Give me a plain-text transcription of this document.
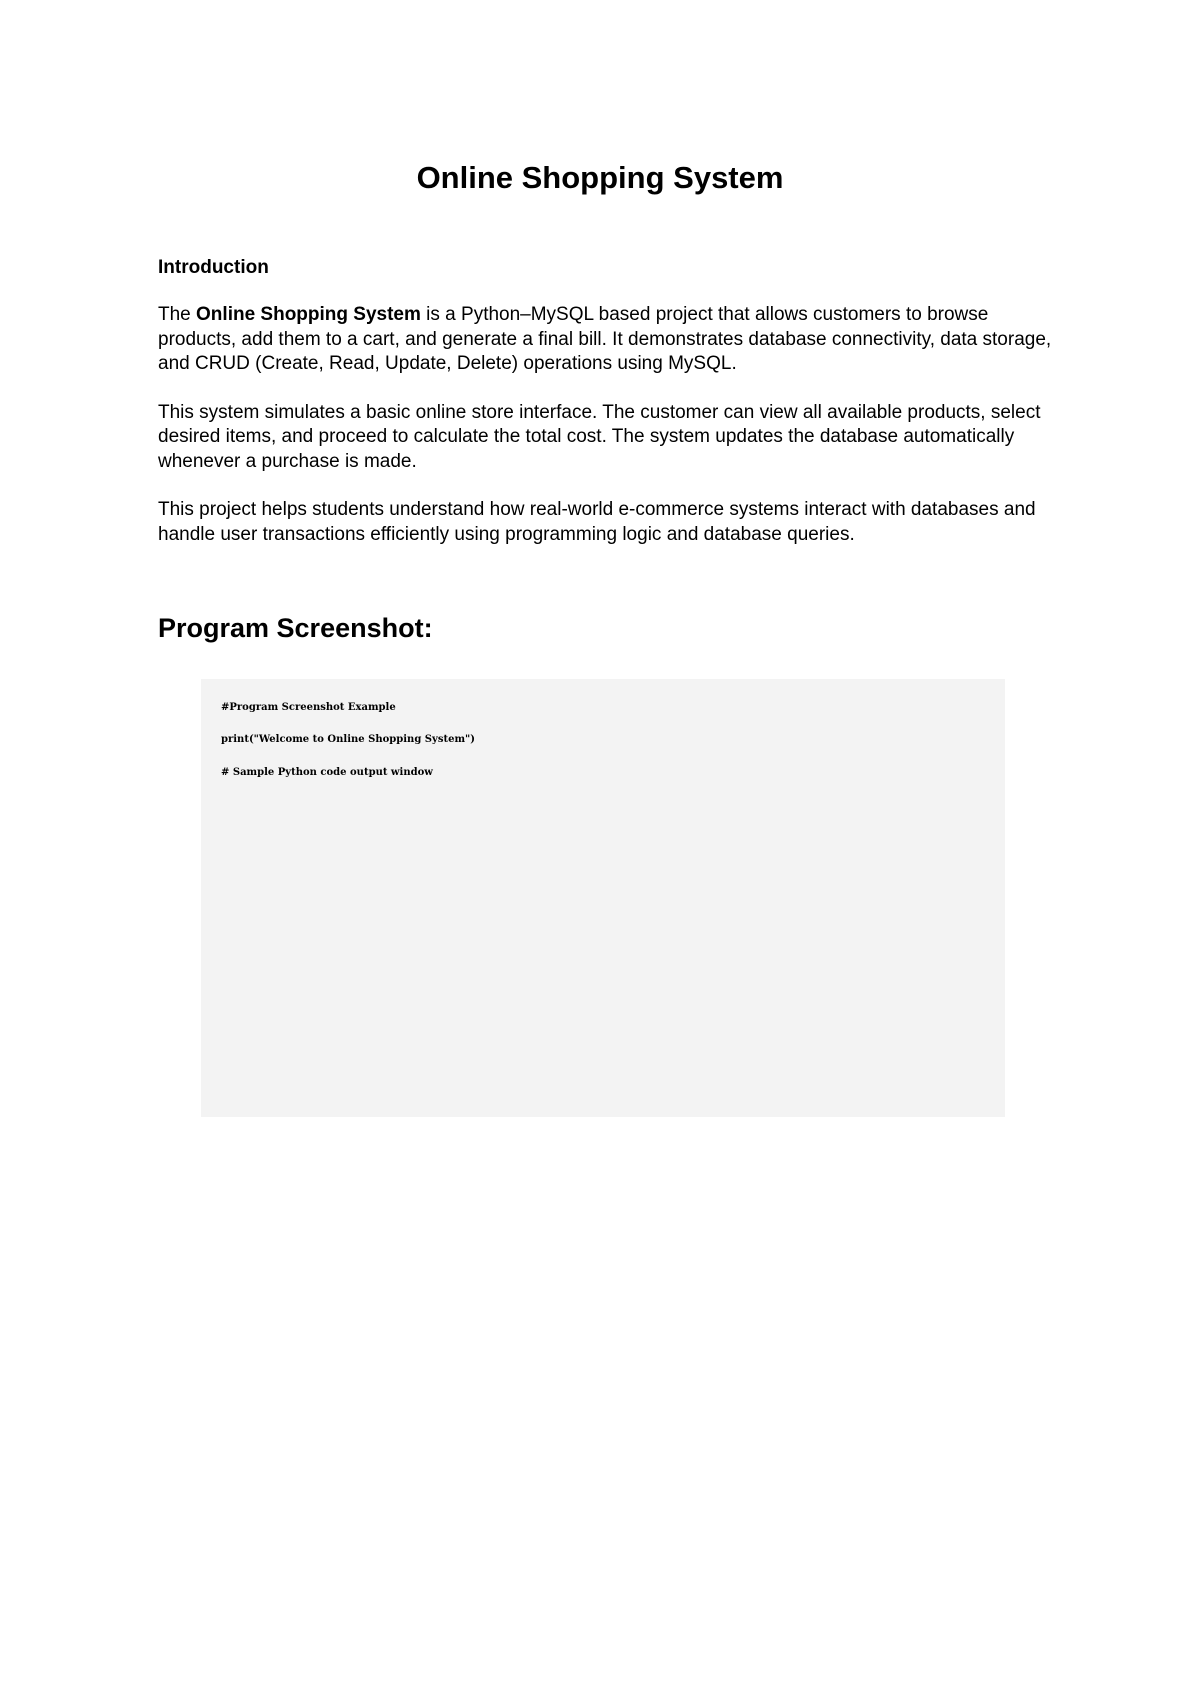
Online Shopping System

Introduction

The Online Shopping System is a Python–MySQL based project that allows customers to browse products, add them to a cart, and generate a final bill. It demonstrates database connectivity, data storage, and CRUD (Create, Read, Update, Delete) operations using MySQL.

This system simulates a basic online store interface. The customer can view all available products, select desired items, and proceed to calculate the total cost. The system updates the database automatically whenever a purchase is made.

This project helps students understand how real-world e-commerce systems interact with databases and handle user transactions efficiently using programming logic and database queries.

Program Screenshot:

#Program Screenshot Example

print("Welcome to Online Shopping System")

# Sample Python code output window
